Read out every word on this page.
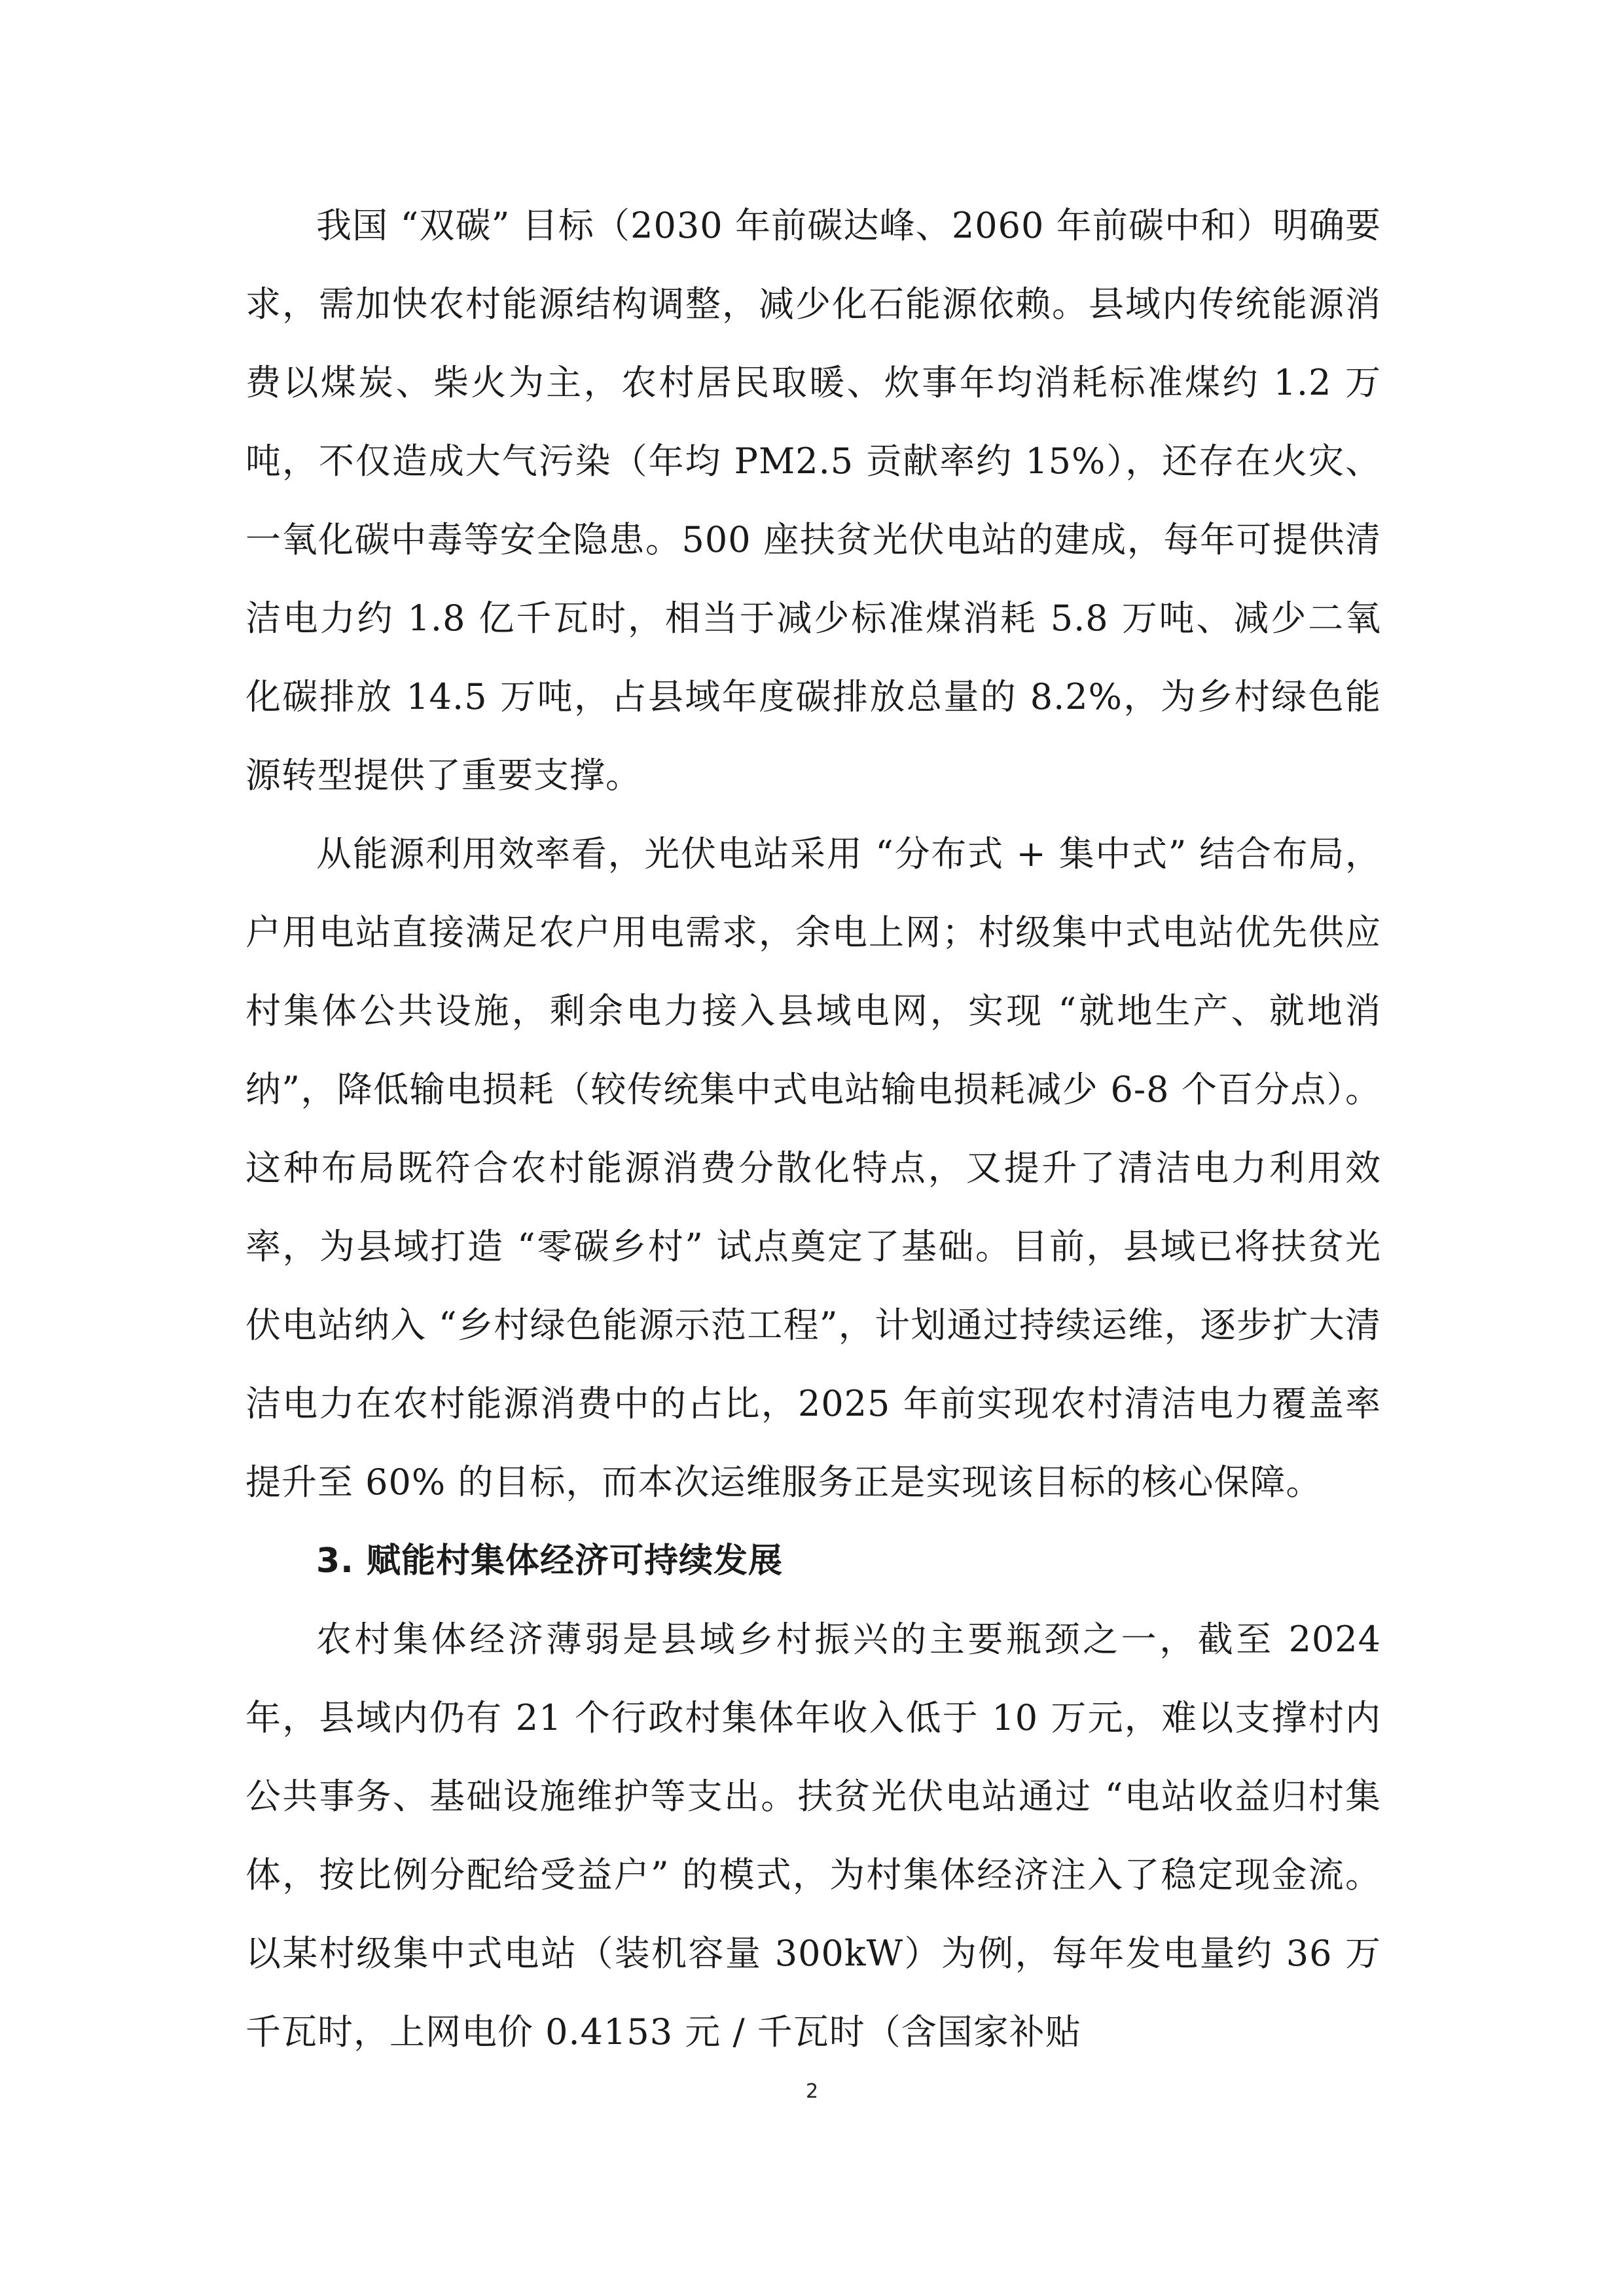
我国 “双碳” 目标（2030 年前碳达峰、2060 年前碳中和）明确要求，需加快农村能源结构调整，减少化石能源依赖。县域内传统能源消费以煤炭、柴火为主，农村居民取暖、炊事年均消耗标准煤约 1.2 万吨，不仅造成大气污染（年均 PM2.5 贡献率约 15%），还存在火灾、一氧化碳中毒等安全隐患。500 座扶贫光伏电站的建成，每年可提供清洁电力约 1.8 亿千瓦时，相当于减少标准煤消耗 5.8 万吨、减少二氧化碳排放 14.5 万吨，占县域年度碳排放总量的 8.2%，为乡村绿色能源转型提供了重要支撑。

从能源利用效率看，光伏电站采用 “分布式 + 集中式” 结合布局，户用电站直接满足农户用电需求，余电上网；村级集中式电站优先供应村集体公共设施，剩余电力接入县域电网，实现 “就地生产、就地消纳”，降低输电损耗（较传统集中式电站输电损耗减少 6-8 个百分点）。这种布局既符合农村能源消费分散化特点，又提升了清洁电力利用效率，为县域打造 “零碳乡村” 试点奠定了基础。目前，县域已将扶贫光伏电站纳入 “乡村绿色能源示范工程”，计划通过持续运维，逐步扩大清洁电力在农村能源消费中的占比，2025 年前实现农村清洁电力覆盖率提升至 60% 的目标，而本次运维服务正是实现该目标的核心保障。

3. 赋能村集体经济可持续发展

农村集体经济薄弱是县域乡村振兴的主要瓶颈之一，截至 2024 年，县域内仍有 21 个行政村集体年收入低于 10 万元，难以支撑村内公共事务、基础设施维护等支出。扶贫光伏电站通过 “电站收益归村集体，按比例分配给受益户” 的模式，为村集体经济注入了稳定现金流。以某村级集中式电站（装机容量 300kW）为例，每年发电量约 36 万千瓦时，上网电价 0.4153 元 / 千瓦时（含国家补贴

2
